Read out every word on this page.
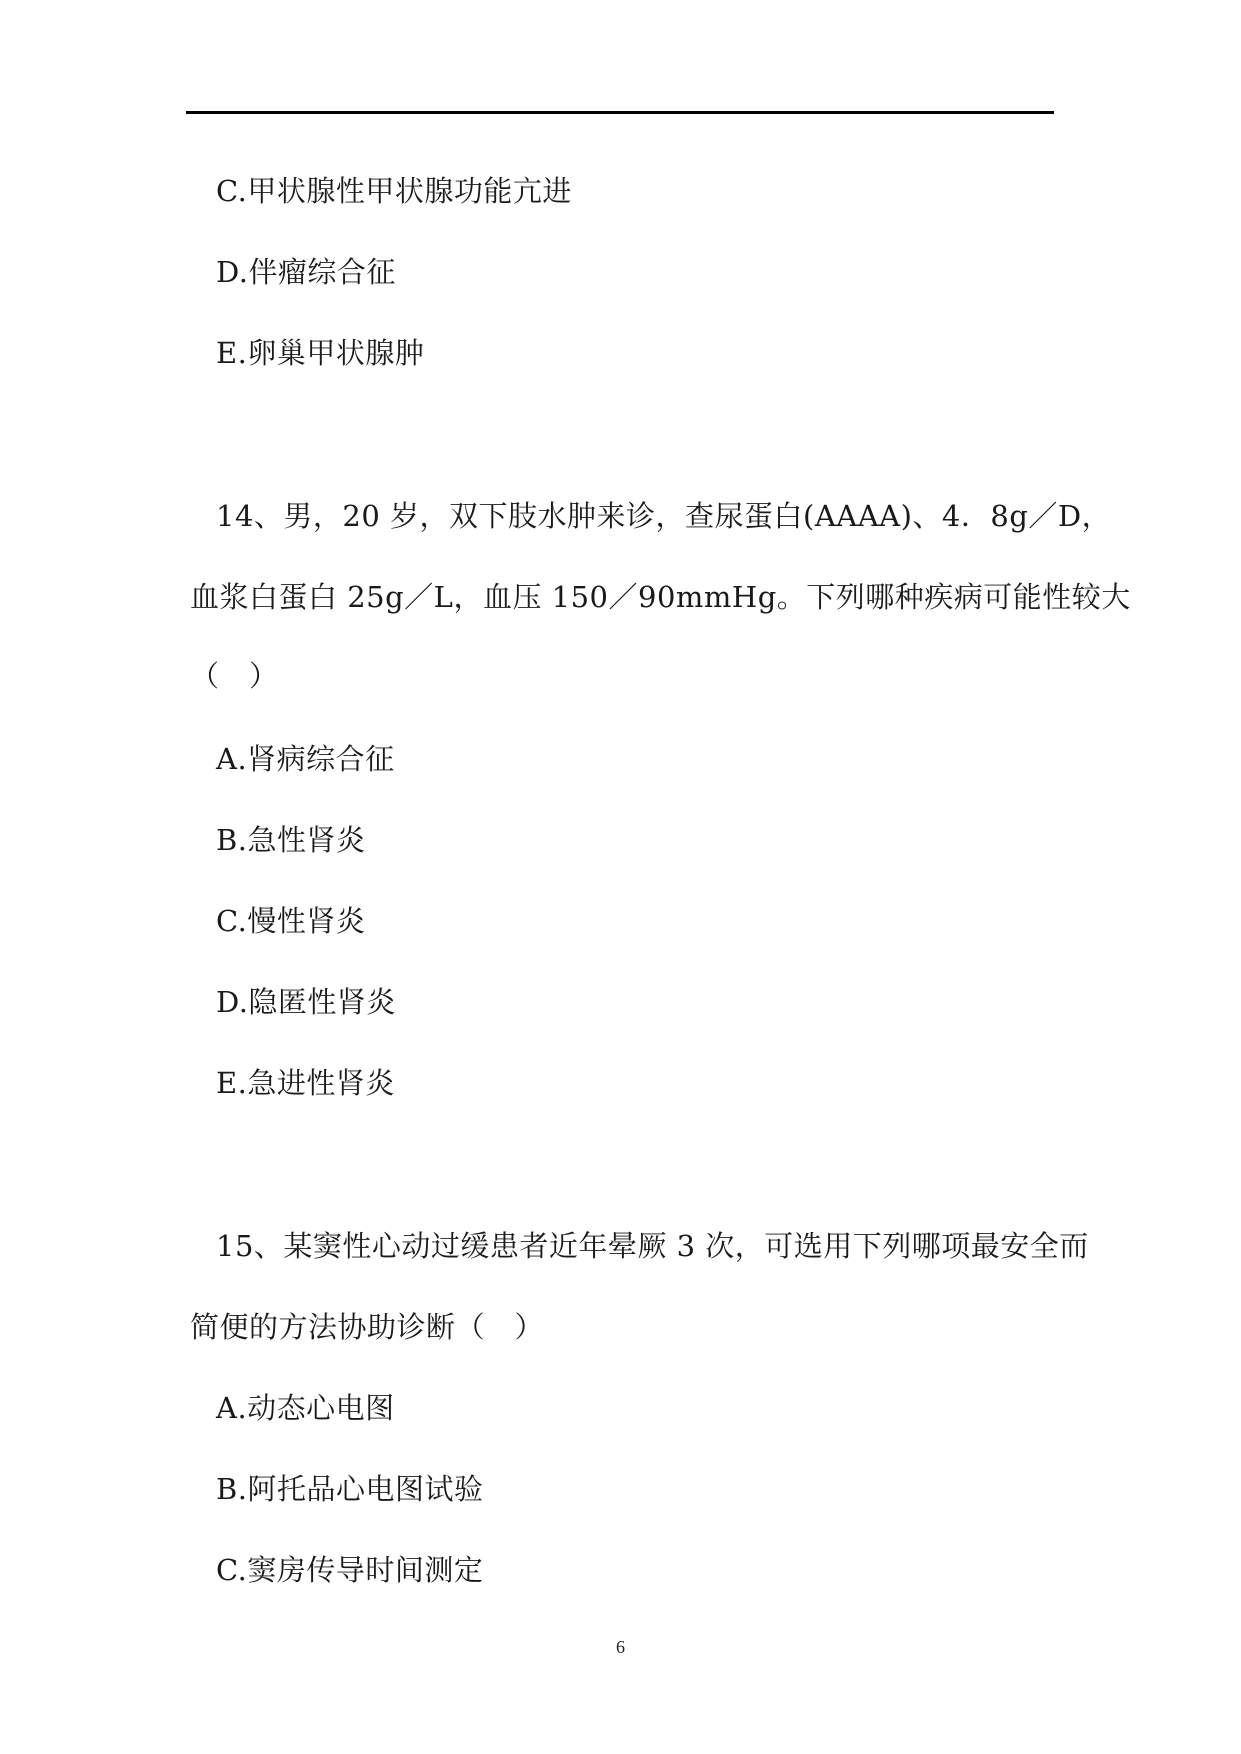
C.甲状腺性甲状腺功能亢进
D.伴瘤综合征
E.卵巢甲状腺肿
14、男，20 岁，双下肢水肿来诊，查尿蛋白(AAAA)、4．8g／D，
血浆白蛋白 25g／L，血压 150／90mmHg。下列哪种疾病可能性较大
（　）
A.肾病综合征
B.急性肾炎
C.慢性肾炎
D.隐匿性肾炎
E.急进性肾炎
15、某窦性心动过缓患者近年晕厥 3 次，可选用下列哪项最安全而
简便的方法协助诊断（　）
A.动态心电图
B.阿托品心电图试验
C.窦房传导时间测定
6
